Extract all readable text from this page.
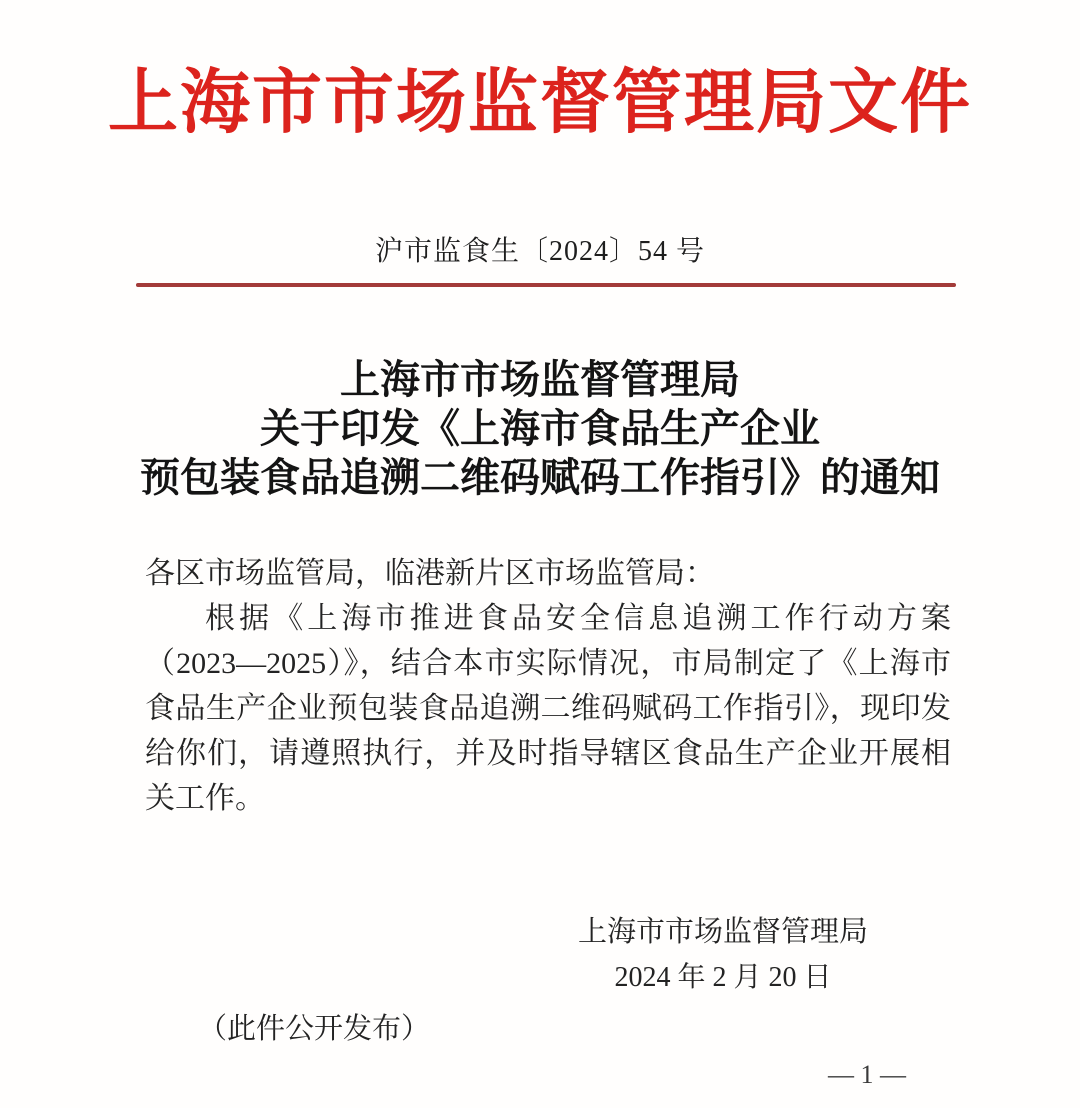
上海市市场监督管理局文件
沪市监食生〔2024〕54 号
上海市市场监督管理局
关于印发《上海市食品生产企业
预包装食品追溯二维码赋码工作指引》的通知
各区市场监管局，临港新片区市场监管局：
根据《上海市推进食品安全信息追溯工作行动方案（2023—2025）》，结合本市实际情况，市局制定了《上海市食品生产企业预包装食品追溯二维码赋码工作指引》，现印发给你们，请遵照执行，并及时指导辖区食品生产企业开展相关工作。
上海市市场监督管理局
2024 年 2 月 20 日
（此件公开发布）
— 1 —
